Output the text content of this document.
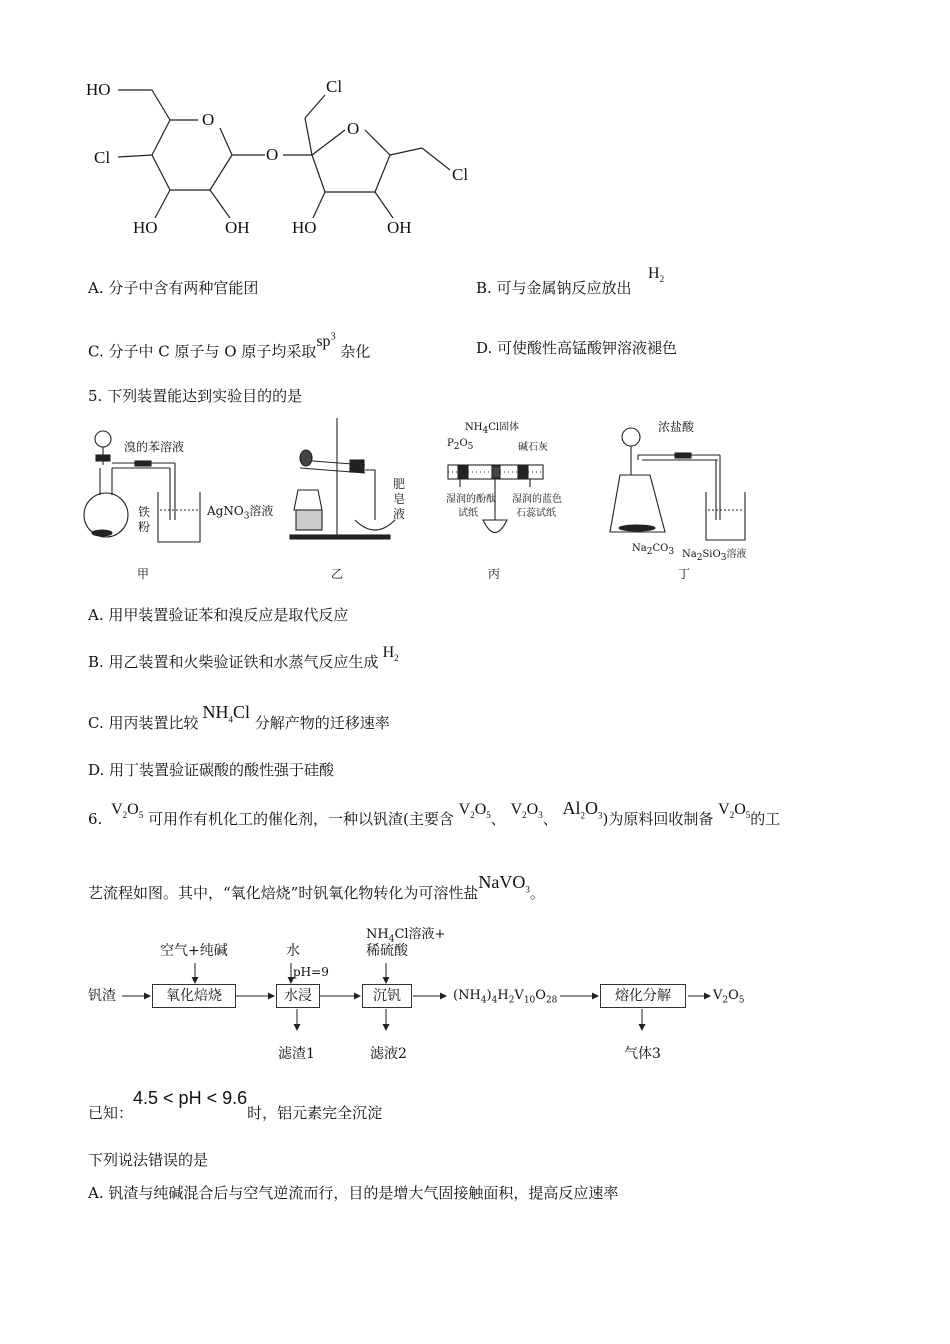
HO
O
Cl	O
Cl
O
Cl
HO	OH HO	OH
A. 分子中含有两种官能团	B. 可与金属钠反应放出
$H_2$
C. 分子中 C 原子与 O 原子均采取$sp^3$ 杂化	D. 可使酸性高锰酸钾溶液褪色
5. 下列装置能达到实验目的的是
溴的苯溶液
铁
粉
AgNO$_3$溶液
甲
肥
皂
液
乙
$NH_4Cl$固体
$P_2O_5$	碱石灰
湿润的酚酞
试纸
湿润的蓝色
石蕊试纸
丙
浓盐酸
$Na_2CO_3$ $Na_2SiO_3$溶液
丁
A. 用甲装置验证苯和溴反应是取代反应
B. 用乙装置和火柴验证铁和水蒸气反应生成$H_2$
C. 用丙装置比较$NH_4Cl$ 分解产物的迁移速率
D. 用丁装置验证碳酸的酸性强于硅酸
6. $V_2O_5$ 可用作有机化工的催化剂，一种以钒渣(主要含 $V_2O_5$、 $V_2O_3$、 $Al_2O_3$)为原料回收制备 $V_2O_5$的工
艺流程如图。其中，“氧化焙烧”时钒氧化物转化为可溶性盐NaVO$_3$。
钒渣	氧化焙烧
空气+纯碱
水浸
水
pH=9
滤渣1
沉钒
$NH_4Cl$溶液+
稀硫酸
滤液2
$(NH_4)_4H_2V_{10}O_{28}$	熔化分解
气体3
$V_2O_5$
已知：4.5 < pH < 9.6时，铝元素完全沉淀
下列说法错误的是
A. 钒渣与纯碱混合后与空气逆流而行，目的是增大气固接触面积，提高反应速率
